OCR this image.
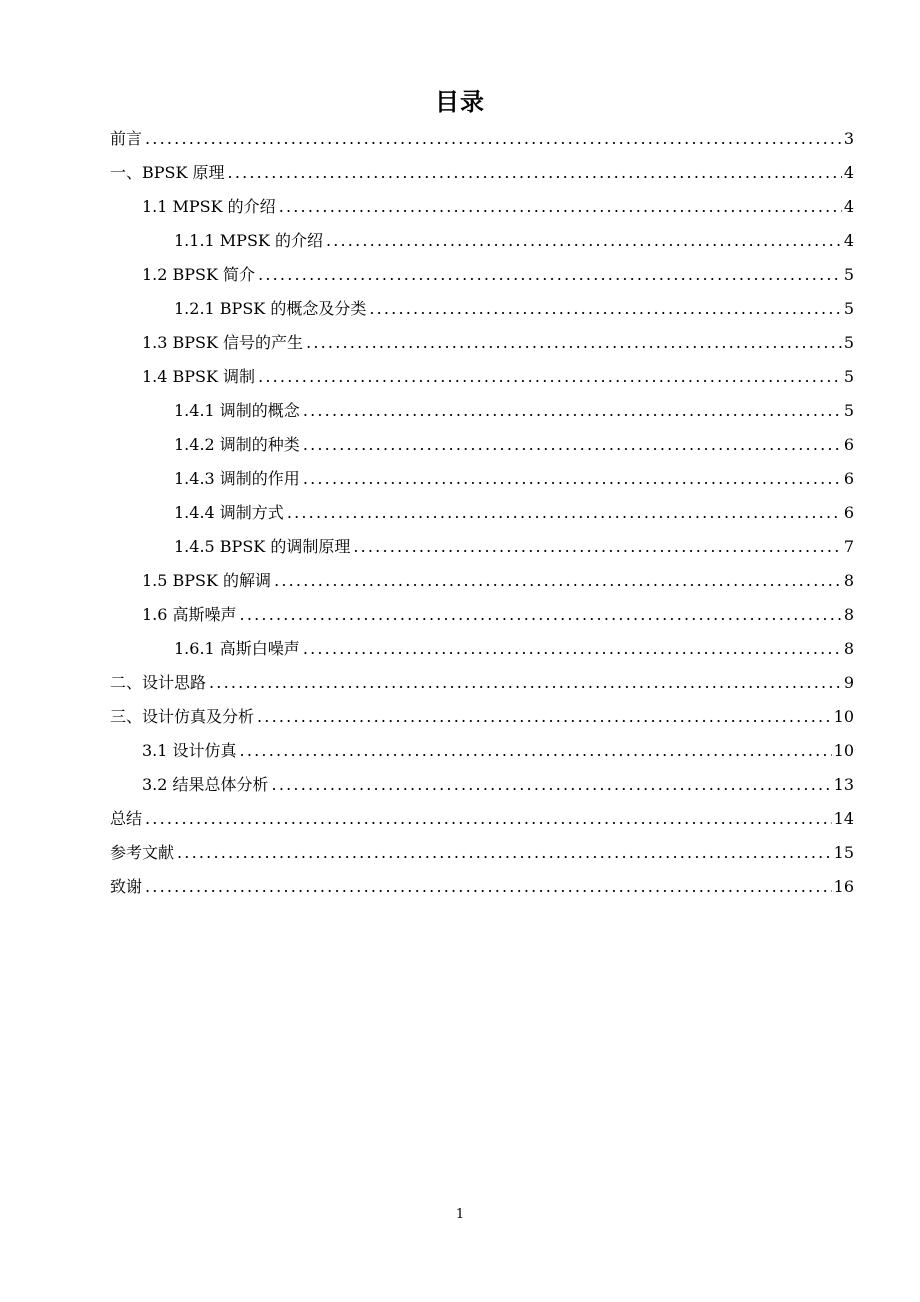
目录
前言 .....	3
一、BPSK 原理 .....	4
1.1 MPSK 的介绍 .....	4
1.1.1 MPSK 的介绍 .....	4
1.2 BPSK 简介 .....	5
1.2.1 BPSK 的概念及分类 .....	5
1.3 BPSK 信号的产生 .....	5
1.4 BPSK 调制 .....	5
1.4.1 调制的概念 .....	5
1.4.2 调制的种类 .....	6
1.4.3 调制的作用 .....	6
1.4.4 调制方式 .....	6
1.4.5 BPSK 的调制原理 .....	7
1.5 BPSK 的解调 .....	8
1.6 高斯噪声 .....	8
1.6.1 高斯白噪声 .....	8
二、设计思路 .....	9
三、设计仿真及分析 .....	10
3.1 设计仿真 .....	10
3.2 结果总体分析 .....	13
总结 .....	14
参考文献 .....	15
致谢 .....	16
1
